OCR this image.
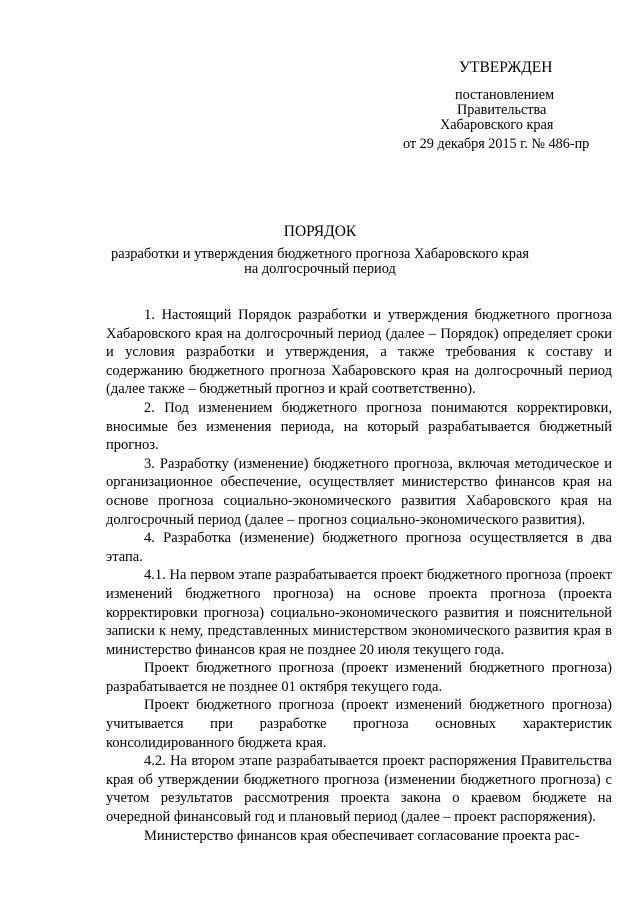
УТВЕРЖДЕН
постановлением
Правительства
Хабаровского края
от 29 декабря 2015 г. № 486-пр
ПОРЯДОК
разработки и утверждения бюджетного прогноза Хабаровского края
на долгосрочный период

1. Настоящий Порядок разработки и утверждения бюджетного прогноза Хабаровского края на долгосрочный период (далее – Порядок) определяет сроки и условия разработки и утверждения, а также требования к составу и содержанию бюджетного прогноза Хабаровского края на долгосрочный период (далее также – бюджетный прогноз и край соответственно).

2. Под изменением бюджетного прогноза понимаются корректировки, вносимые без изменения периода, на который разрабатывается бюджетный прогноз.

3. Разработку (изменение) бюджетного прогноза, включая методическое и организационное обеспечение, осуществляет министерство финансов края на основе прогноза социально-экономического развития Хабаровского края на долгосрочный период (далее – прогноз социально-экономического развития).

4. Разработка (изменение) бюджетного прогноза осуществляется в два этапа.

4.1. На первом этапе разрабатывается проект бюджетного прогноза (проект изменений бюджетного прогноза) на основе проекта прогноза (проекта корректировки прогноза) социально-экономического развития и пояснительной записки к нему, представленных министерством экономического развития края в министерство финансов края не позднее 20 июля текущего года.

Проект бюджетного прогноза (проект изменений бюджетного прогноза) разрабатывается не позднее 01 октября текущего года.

Проект бюджетного прогноза (проект изменений бюджетного прогноза) учитывается при разработке прогноза основных характеристик консолидированного бюджета края.

4.2. На втором этапе разрабатывается проект распоряжения Правительства края об утверждении бюджетного прогноза (изменении бюджетного прогноза) с учетом результатов рассмотрения проекта закона о краевом бюджете на очередной финансовый год и плановый период (далее – проект распоряжения).

Министерство финансов края обеспечивает согласование проекта рас-
